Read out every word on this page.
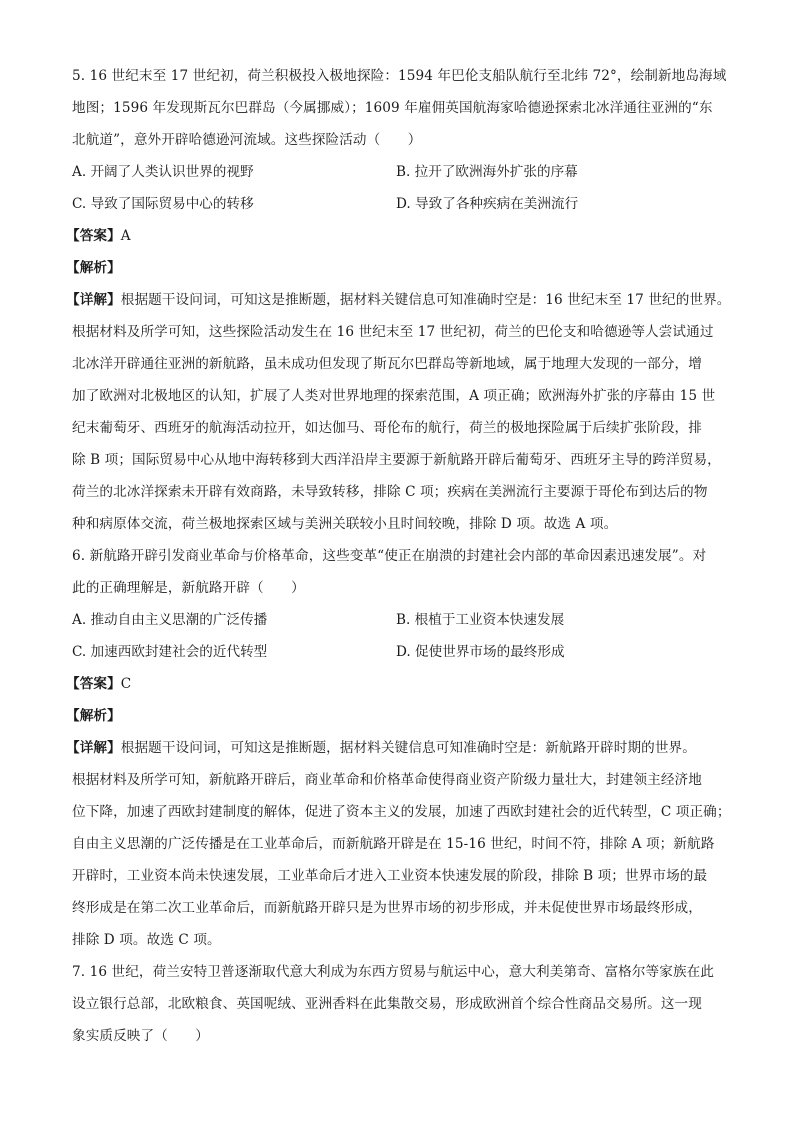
5. 16 世纪末至 17 世纪初，荷兰积极投入极地探险：1594 年巴伦支船队航行至北纬 72°，绘制新地岛海域
地图；1596 年发现斯瓦尔巴群岛（今属挪威）；1609 年雇佣英国航海家哈德逊探索北冰洋通往亚洲的“东
北航道”，意外开辟哈德逊河流域。这些探险活动（　　）
A. 开阔了人类认识世界的视野	B. 拉开了欧洲海外扩张的序幕
C. 导致了国际贸易中心的转移	D. 导致了各种疾病在美洲流行
【答案】A
【解析】
【详解】根据题干设问词，可知这是推断题，据材料关键信息可知准确时空是：16 世纪末至 17 世纪的世界。
根据材料及所学可知，这些探险活动发生在 16 世纪末至 17 世纪初，荷兰的巴伦支和哈德逊等人尝试通过
北冰洋开辟通往亚洲的新航路，虽未成功但发现了斯瓦尔巴群岛等新地域，属于地理大发现的一部分，增
加了欧洲对北极地区的认知，扩展了人类对世界地理的探索范围，A 项正确；欧洲海外扩张的序幕由 15 世
纪末葡萄牙、西班牙的航海活动拉开，如达伽马、哥伦布的航行，荷兰的极地探险属于后续扩张阶段，排
除 B 项；国际贸易中心从地中海转移到大西洋沿岸主要源于新航路开辟后葡萄牙、西班牙主导的跨洋贸易，
荷兰的北冰洋探索未开辟有效商路，未导致转移，排除 C 项；疾病在美洲流行主要源于哥伦布到达后的物
种和病原体交流，荷兰极地探索区域与美洲关联较小且时间较晚，排除 D 项。故选 A 项。
6. 新航路开辟引发商业革命与价格革命，这些变革“使正在崩溃的封建社会内部的革命因素迅速发展”。对
此的正确理解是，新航路开辟（　　）
A. 推动自由主义思潮的广泛传播	B. 根植于工业资本快速发展
C. 加速西欧封建社会的近代转型	D. 促使世界市场的最终形成
【答案】C
【解析】
【详解】根据题干设问词，可知这是推断题，据材料关键信息可知准确时空是：新航路开辟时期的世界。
根据材料及所学可知，新航路开辟后，商业革命和价格革命使得商业资产阶级力量壮大，封建领主经济地
位下降，加速了西欧封建制度的解体，促进了资本主义的发展，加速了西欧封建社会的近代转型，C 项正确；
自由主义思潮的广泛传播是在工业革命后，而新航路开辟是在 15-16 世纪，时间不符，排除 A 项；新航路
开辟时，工业资本尚未快速发展，工业革命后才进入工业资本快速发展的阶段，排除 B 项；世界市场的最
终形成是在第二次工业革命后，而新航路开辟只是为世界市场的初步形成，并未促使世界市场最终形成，
排除 D 项。故选 C 项。
7. 16 世纪，荷兰安特卫普逐渐取代意大利成为东西方贸易与航运中心，意大利美第奇、富格尔等家族在此
设立银行总部，北欧粮食、英国呢绒、亚洲香料在此集散交易，形成欧洲首个综合性商品交易所。这一现
象实质反映了（　　）
